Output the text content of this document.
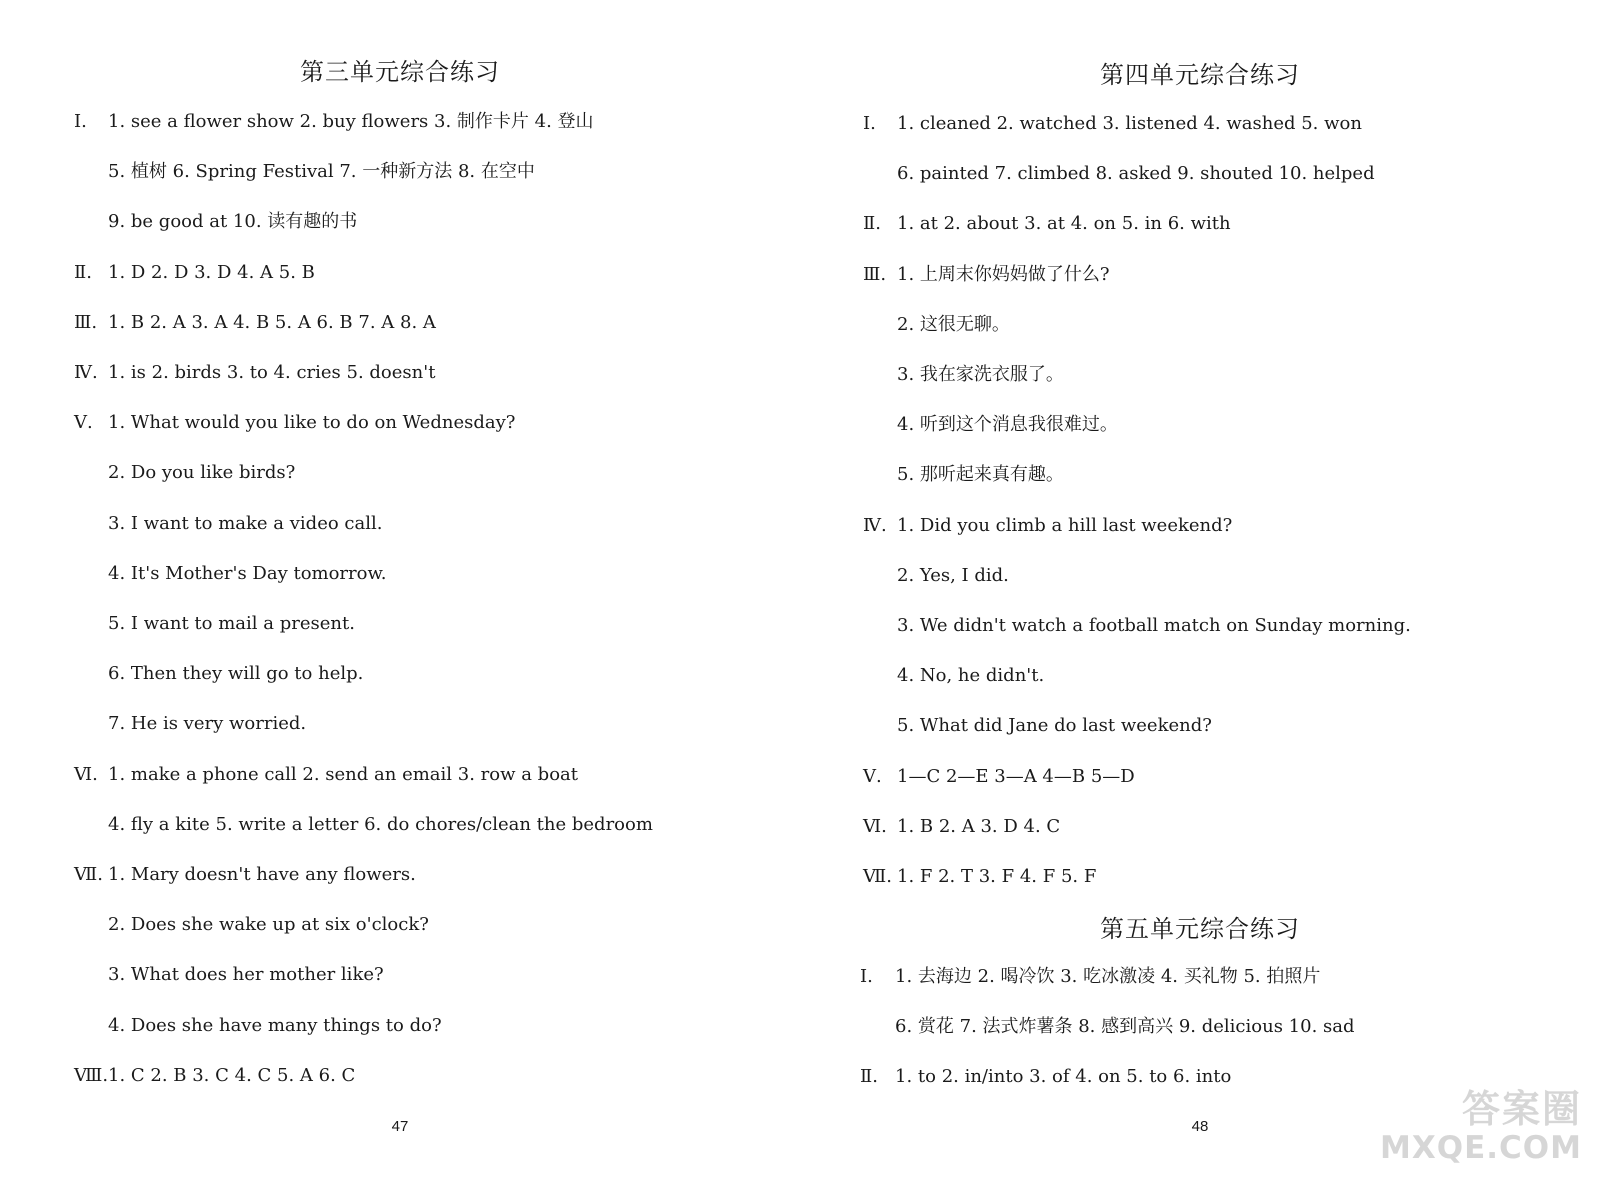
第三单元综合练习
Ⅰ. 1. see a flower show 2. buy flowers 3. 制作卡片 4. 登山
5. 植树 6. Spring Festival 7. 一种新方法 8. 在空中
9. be good at 10. 读有趣的书
Ⅱ. 1. D 2. D 3. D 4. A 5. B
Ⅲ. 1. B 2. A 3. A 4. B 5. A 6. B 7. A 8. A
Ⅳ. 1. is 2. birds 3. to 4. cries 5. doesn't
Ⅴ. 1. What would you like to do on Wednesday?
2. Do you like birds?
3. I want to make a video call.
4. It's Mother's Day tomorrow.
5. I want to mail a present.
6. Then they will go to help.
7. He is very worried.
Ⅵ. 1. make a phone call 2. send an email 3. row a boat
4. fly a kite 5. write a letter 6. do chores/clean the bedroom
Ⅶ. 1. Mary doesn't have any flowers.
2. Does she wake up at six o'clock?
3. What does her mother like?
4. Does she have many things to do?
Ⅷ. 1. C 2. B 3. C 4. C 5. A 6. C
47
第四单元综合练习
Ⅰ. 1. cleaned 2. watched 3. listened 4. washed 5. won
6. painted 7. climbed 8. asked 9. shouted 10. helped
Ⅱ. 1. at 2. about 3. at 4. on 5. in 6. with
Ⅲ. 1. 上周末你妈妈做了什么?
2. 这很无聊。
3. 我在家洗衣服了。
4. 听到这个消息我很难过。
5. 那听起来真有趣。
Ⅳ. 1. Did you climb a hill last weekend?
2. Yes, I did.
3. We didn't watch a football match on Sunday morning.
4. No, he didn't.
5. What did Jane do last weekend?
Ⅴ. 1—C 2—E 3—A 4—B 5—D
Ⅵ. 1. B 2. A 3. D 4. C
Ⅶ. 1. F 2. T 3. F 4. F 5. F
第五单元综合练习
Ⅰ. 1. 去海边 2. 喝冷饮 3. 吃冰激凌 4. 买礼物 5. 拍照片
6. 赏花 7. 法式炸薯条 8. 感到高兴 9. delicious 10. sad
Ⅱ. 1. to 2. in/into 3. of 4. on 5. to 6. into
48	答案圈
MXQE.COM
